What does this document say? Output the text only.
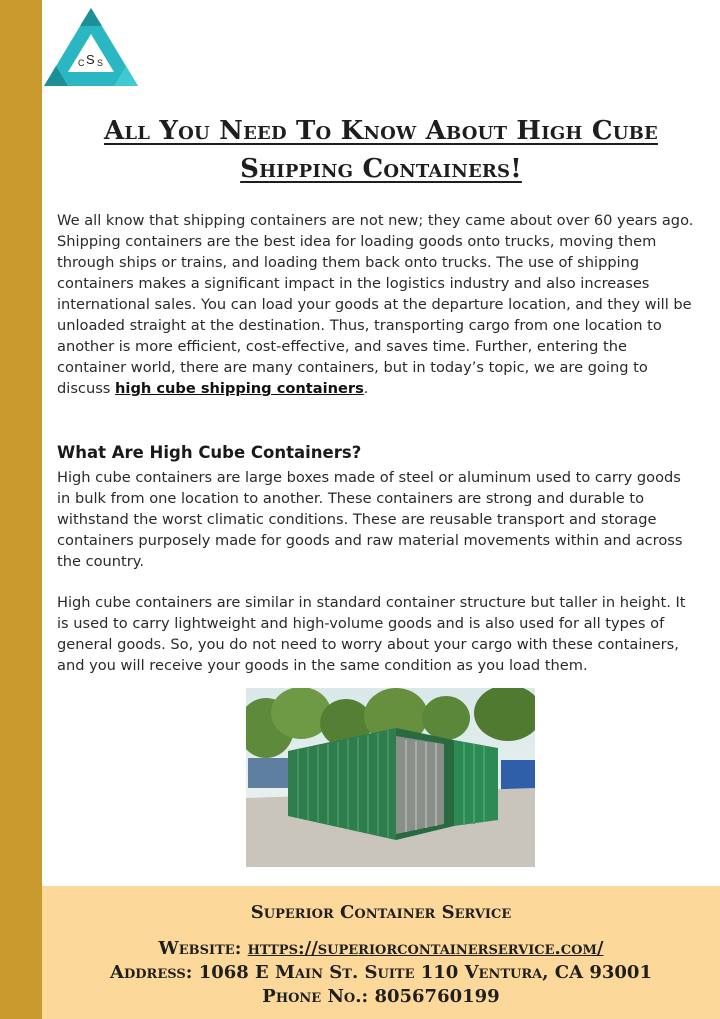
C S S
All You Need To Know About High Cube Shipping Containers!
We all know that shipping containers are not new; they came about over 60 years ago. Shipping containers are the best idea for loading goods onto trucks, moving them through ships or trains, and loading them back onto trucks. The use of shipping containers makes a significant impact in the logistics industry and also increases international sales. You can load your goods at the departure location, and they will be unloaded straight at the destination. Thus, transporting cargo from one location to another is more efficient, cost-effective, and saves time. Further, entering the container world, there are many containers, but in today’s topic, we are going to discuss high cube shipping containers.
What Are High Cube Containers?
High cube containers are large boxes made of steel or aluminum used to carry goods in bulk from one location to another. These containers are strong and durable to withstand the worst climatic conditions. These are reusable transport and storage containers purposely made for goods and raw material movements within and across the country.
High cube containers are similar in standard container structure but taller in height. It is used to carry lightweight and high-volume goods and is also used for all types of general goods. So, you do not need to worry about your cargo with these containers, and you will receive your goods in the same condition as you load them.
Superior Container Service
Website: https://superiorcontainerservice.com/
Address: 1068 E Main St. Suite 110 Ventura, CA 93001
Phone No.: 8056760199
